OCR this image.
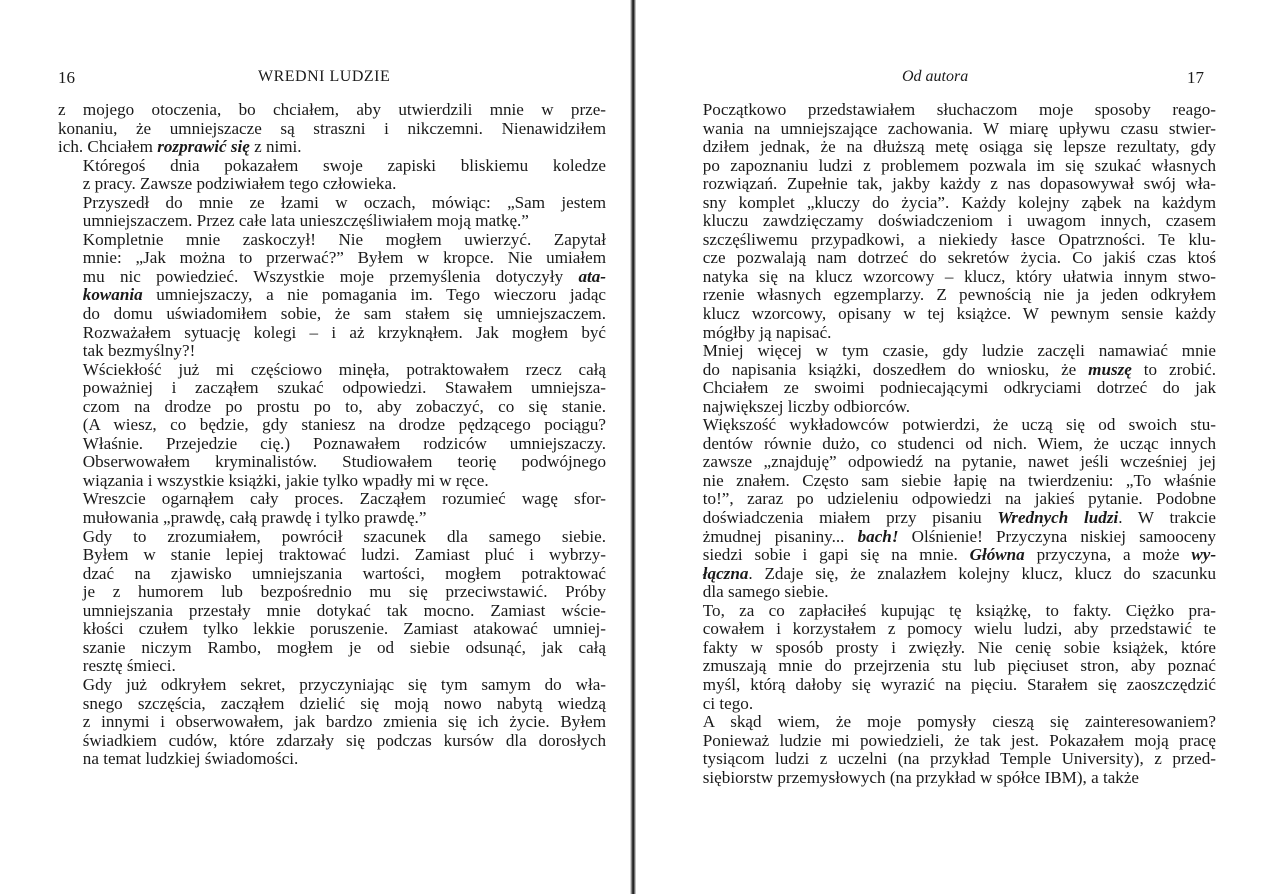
16	WREDNI LUDZIE

z mojego otoczenia, bo chciałem, aby utwierdzili mnie w prze-
konaniu, że umniejszacze są straszni i nikczemni. Nienawidziłem
ich. Chciałem rozprawić się z nimi.

Któregoś dnia pokazałem swoje zapiski bliskiemu koledze
z pracy. Zawsze podziwiałem tego człowieka.

Przyszedł do mnie ze łzami w oczach, mówiąc: „Sam jestem
umniejszaczem. Przez całe lata unieszczęśliwiałem moją matkę.”

Kompletnie mnie zaskoczył! Nie mogłem uwierzyć. Zapytał
mnie: „Jak można to przerwać?” Byłem w kropce. Nie umiałem
mu nic powiedzieć. Wszystkie moje przemyślenia dotyczyły ata-
kowania umniejszaczy, a nie pomagania im. Tego wieczoru jadąc
do domu uświadomiłem sobie, że sam stałem się umniejszaczem.
Rozważałem sytuację kolegi – i aż krzyknąłem. Jak mogłem być
tak bezmyślny?!

Wściekłość już mi częściowo minęła, potraktowałem rzecz całą
poważniej i zacząłem szukać odpowiedzi. Stawałem umniejsza-
czom na drodze po prostu po to, aby zobaczyć, co się stanie.
(A wiesz, co będzie, gdy staniesz na drodze pędzącego pociągu?
Właśnie. Przejedzie cię.) Poznawałem rodziców umniejszaczy.
Obserwowałem kryminalistów. Studiowałem teorię podwójnego
wiązania i wszystkie książki, jakie tylko wpadły mi w ręce.

Wreszcie ogarnąłem cały proces. Zacząłem rozumieć wagę sfor-
mułowania „prawdę, całą prawdę i tylko prawdę.”

Gdy to zrozumiałem, powrócił szacunek dla samego siebie.
Byłem w stanie lepiej traktować ludzi. Zamiast pluć i wybrzy-
dzać na zjawisko umniejszania wartości, mogłem potraktować
je z humorem lub bezpośrednio mu się przeciwstawić. Próby
umniejszania przestały mnie dotykać tak mocno. Zamiast wście-
kłości czułem tylko lekkie poruszenie. Zamiast atakować umniej-
szanie niczym Rambo, mogłem je od siebie odsunąć, jak całą
resztę śmieci.

Gdy już odkryłem sekret, przyczyniając się tym samym do wła-
snego szczęścia, zacząłem dzielić się moją nowo nabytą wiedzą
z innymi i obserwowałem, jak bardzo zmienia się ich życie. Byłem
świadkiem cudów, które zdarzały się podczas kursów dla dorosłych
na temat ludzkiej świadomości.

Od autora	17

Początkowo przedstawiałem słuchaczom moje sposoby reago-
wania na umniejszające zachowania. W miarę upływu czasu stwier-
dziłem jednak, że na dłuższą metę osiąga się lepsze rezultaty, gdy
po zapoznaniu ludzi z problemem pozwala im się szukać własnych
rozwiązań. Zupełnie tak, jakby każdy z nas dopasowywał swój wła-
sny komplet „kluczy do życia”. Każdy kolejny ząbek na każdym
kluczu zawdzięczamy doświadczeniom i uwagom innych, czasem
szczęśliwemu przypadkowi, a niekiedy łasce Opatrzności. Te klu-
cze pozwalają nam dotrzeć do sekretów życia. Co jakiś czas ktoś
natyka się na klucz wzorcowy – klucz, który ułatwia innym stwo-
rzenie własnych egzemplarzy. Z pewnością nie ja jeden odkryłem
klucz wzorcowy, opisany w tej książce. W pewnym sensie każdy
mógłby ją napisać.

Mniej więcej w tym czasie, gdy ludzie zaczęli namawiać mnie
do napisania książki, doszedłem do wniosku, że muszę to zrobić.
Chciałem ze swoimi podniecającymi odkryciami dotrzeć do jak
największej liczby odbiorców.

Większość wykładowców potwierdzi, że uczą się od swoich stu-
dentów równie dużo, co studenci od nich. Wiem, że ucząc innych
zawsze „znajduję” odpowiedź na pytanie, nawet jeśli wcześniej jej
nie znałem. Często sam siebie łapię na twierdzeniu: „To właśnie
to!”, zaraz po udzieleniu odpowiedzi na jakieś pytanie. Podobne
doświadczenia miałem przy pisaniu Wrednych ludzi. W trakcie
żmudnej pisaniny... bach! Olśnienie! Przyczyna niskiej samooceny
siedzi sobie i gapi się na mnie. Główna przyczyna, a może wy-
łączna. Zdaje się, że znalazłem kolejny klucz, klucz do szacunku
dla samego siebie.

To, za co zapłaciłeś kupując tę książkę, to fakty. Ciężko pra-
cowałem i korzystałem z pomocy wielu ludzi, aby przedstawić te
fakty w sposób prosty i zwięzły. Nie cenię sobie książek, które
zmuszają mnie do przejrzenia stu lub pięciuset stron, aby poznać
myśl, którą dałoby się wyrazić na pięciu. Starałem się zaoszczędzić
ci tego.

A skąd wiem, że moje pomysły cieszą się zainteresowaniem?
Ponieważ ludzie mi powiedzieli, że tak jest. Pokazałem moją pracę
tysiącom ludzi z uczelni (na przykład Temple University), z przed-
siębiorstw przemysłowych (na przykład w spółce IBM), a także
